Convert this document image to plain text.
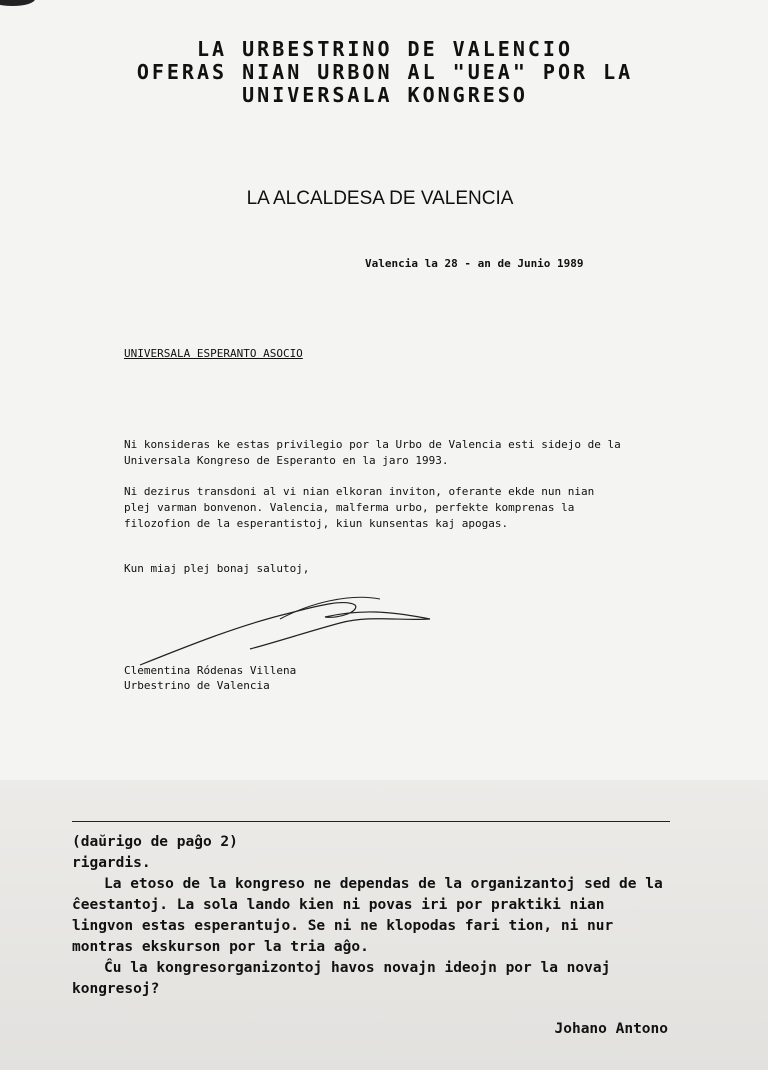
LA URBESTRINO DE VALENCIO
OFERAS NIAN URBON AL "UEA" POR LA
UNIVERSALA KONGRESO
LA ALCALDESA DE VALENCIA
Valencia la 28 - an de Junio 1989
UNIVERSALA ESPERANTO ASOCIO
Ni konsideras ke estas privilegio por la Urbo de Valencia esti sidejo de la Universala Kongreso de Esperanto en la jaro 1993.
Ni dezirus transdoni al vi nian elkoran inviton, oferante ekde nun nian plej varman bonvenon. Valencia, malferma urbo, perfekte komprenas la filozofion de la esperantistoj, kiun kunsentas kaj apogas.
Kun miaj plej bonaj salutoj,
Clementina Ródenas Villena
Urbestrino de Valencia

(daŭrigo de paĝo 2)

rigardis.

La etoso de la kongreso ne dependas de la organizantoj sed de la ĉeestantoj. La sola lando kien ni povas iri por praktiki nian lingvon estas esperantujo. Se ni ne klopodas fari tion, ni nur montras ekskurson por la tria aĝo.

Ĉu la kongresorganizontoj havos novajn ideojn por la novaj kongresoj?

Johano Antono
